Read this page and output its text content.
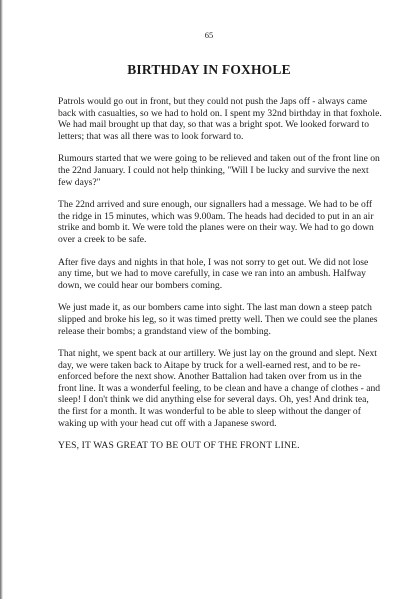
65
BIRTHDAY IN FOXHOLE

Patrols would go out in front, but they could not push the Japs off - always came back with casualties, so we had to hold on. I spent my 32nd birthday in that foxhole. We had mail brought up that day, so that was a bright spot. We looked forward to letters; that was all there was to look forward to.

Rumours started that we were going to be relieved and taken out of the front line on the 22nd January. I could not help thinking, "Will I be lucky and survive the next few days?"

The 22nd arrived and sure enough, our signallers had a message. We had to be off the ridge in 15 minutes, which was 9.00am. The heads had decided to put in an air strike and bomb it. We were told the planes were on their way. We had to go down over a creek to be safe.

After five days and nights in that hole, I was not sorry to get out. We did not lose any time, but we had to move carefully, in case we ran into an ambush. Halfway down, we could hear our bombers coming.

We just made it, as our bombers came into sight. The last man down a steep patch slipped and broke his leg, so it was timed pretty well. Then we could see the planes release their bombs; a grandstand view of the bombing.

That night, we spent back at our artillery. We just lay on the ground and slept. Next day, we were taken back to Aitape by truck for a well-earned rest, and to be re-enforced before the next show. Another Battalion had taken over from us in the front line. It was a wonderful feeling, to be clean and have a change of clothes - and sleep! I don't think we did anything else for several days. Oh, yes! And drink tea, the first for a month. It was wonderful to be able to sleep without the danger of waking up with your head cut off with a Japanese sword.

YES, IT WAS GREAT TO BE OUT OF THE FRONT LINE.
